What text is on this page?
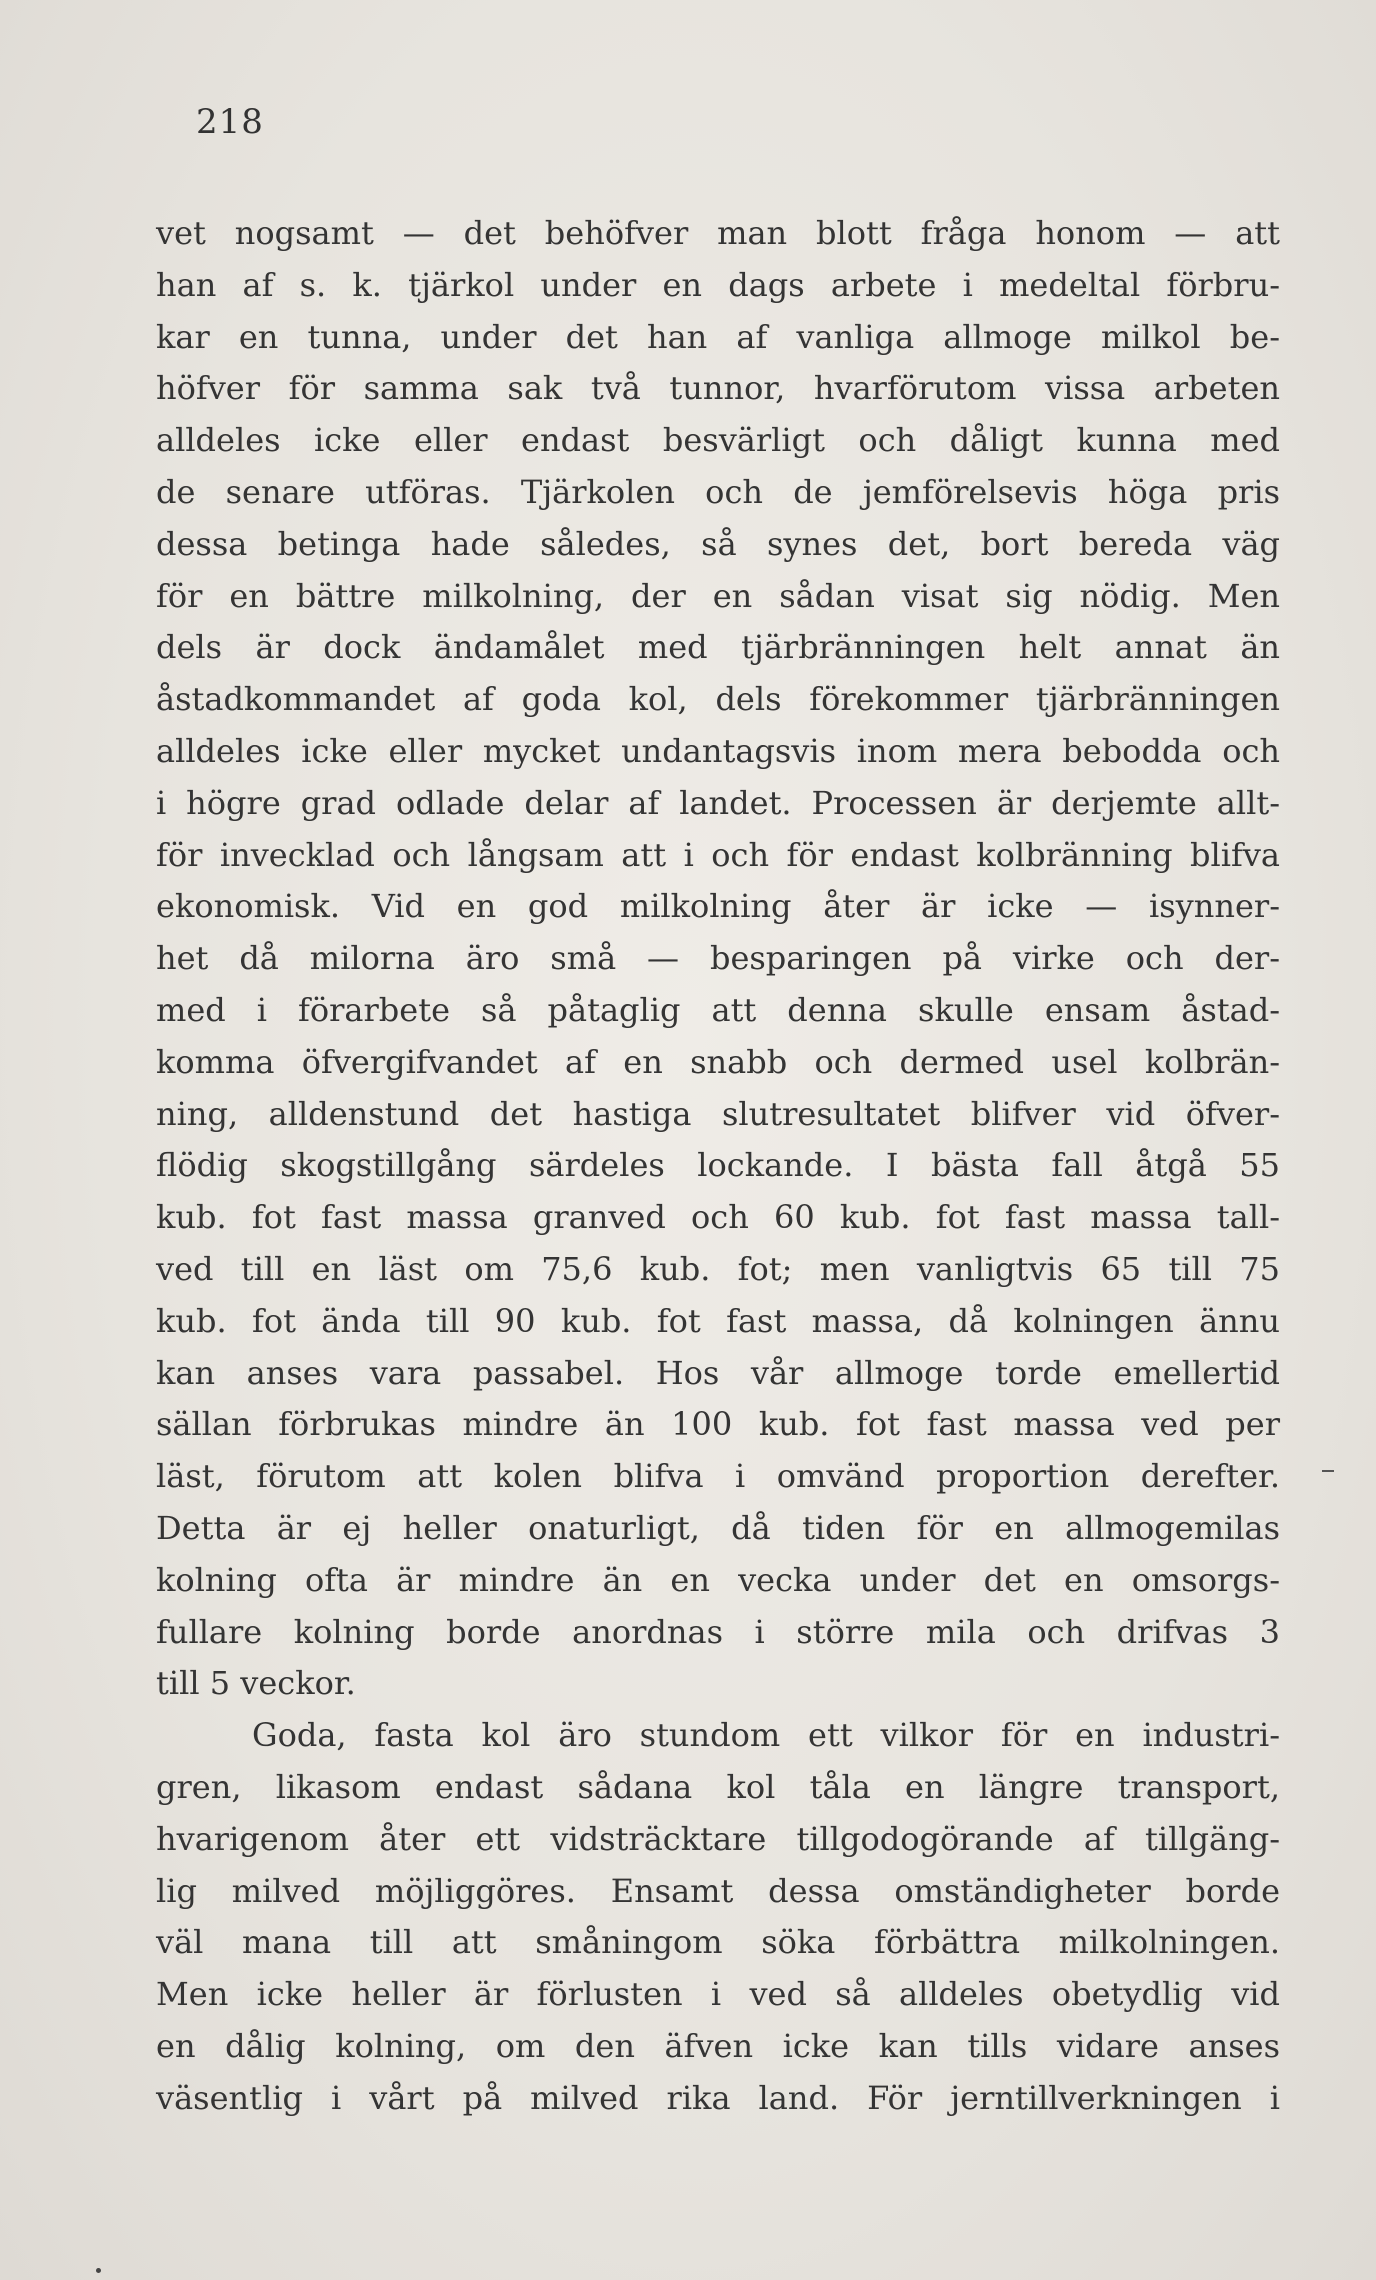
218
vet nogsamt — det behöfver man blott fråga honom — att
han af s. k. tjärkol under en dags arbete i medeltal förbru-
kar en tunna, under det han af vanliga allmoge milkol be-
höfver för samma sak två tunnor, hvarförutom vissa arbeten
alldeles icke eller endast besvärligt och dåligt kunna med
de senare utföras. Tjärkolen och de jemförelsevis höga pris
dessa betinga hade således, så synes det, bort bereda väg
för en bättre milkolning, der en sådan visat sig nödig. Men
dels är dock ändamålet med tjärbränningen helt annat än
åstadkommandet af goda kol, dels förekommer tjärbränningen
alldeles icke eller mycket undantagsvis inom mera bebodda och
i högre grad odlade delar af landet. Processen är derjemte allt-
för invecklad och långsam att i och för endast kolbränning blifva
ekonomisk. Vid en god milkolning åter är icke — isynner-
het då milorna äro små — besparingen på virke och der-
med i förarbete så påtaglig att denna skulle ensam åstad-
komma öfvergifvandet af en snabb och dermed usel kolbrän-
ning, alldenstund det hastiga slutresultatet blifver vid öfver-
flödig skogstillgång särdeles lockande. I bästa fall åtgå 55
kub. fot fast massa granved och 60 kub. fot fast massa tall-
ved till en läst om 75,6 kub. fot; men vanligtvis 65 till 75
kub. fot ända till 90 kub. fot fast massa, då kolningen ännu
kan anses vara passabel. Hos vår allmoge torde emellertid
sällan förbrukas mindre än 100 kub. fot fast massa ved per
läst, förutom att kolen blifva i omvänd proportion derefter.
Detta är ej heller onaturligt, då tiden för en allmogemilas
kolning ofta är mindre än en vecka under det en omsorgs-
fullare kolning borde anordnas i större mila och drifvas 3
till 5 veckor.
Goda, fasta kol äro stundom ett vilkor för en industri-
gren, likasom endast sådana kol tåla en längre transport,
hvarigenom åter ett vidsträcktare tillgodogörande af tillgäng-
lig milved möjliggöres. Ensamt dessa omständigheter borde
väl mana till att småningom söka förbättra milkolningen.
Men icke heller är förlusten i ved så alldeles obetydlig vid
en dålig kolning, om den äfven icke kan tills vidare anses
väsentlig i vårt på milved rika land. För jerntillverkningen i
